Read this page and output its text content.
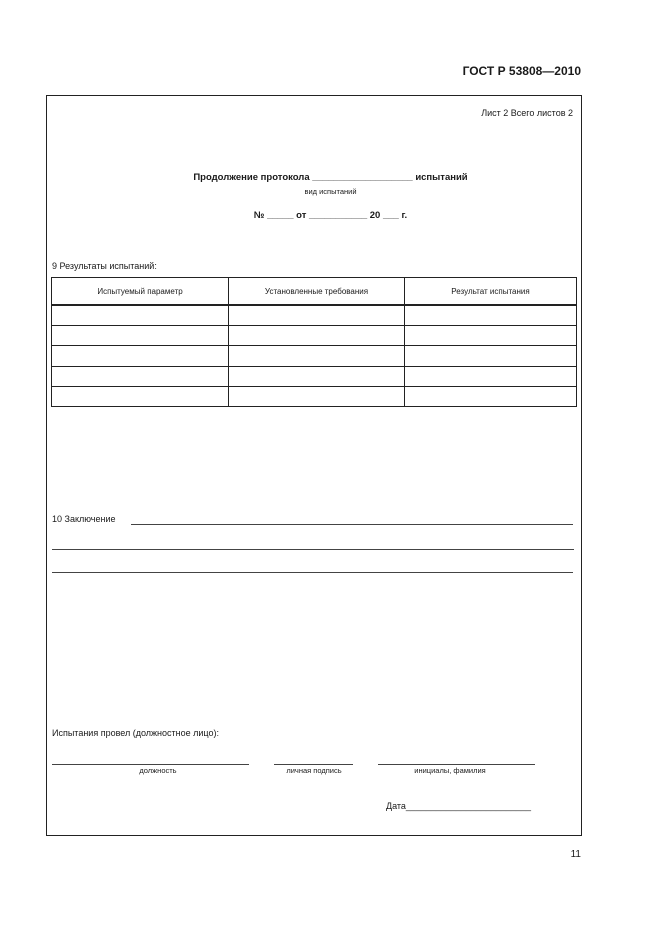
ГОСТ Р 53808—2010
Лист 2 Всего листов 2
Продолжение протокола ___________________ испытаний
вид испытаний
№ _____ от ___________ 20 ___ г.
9 Результаты испытаний:
Испытуемый параметр	Установленные требования	Результат испытания

10 Заключение
Испытания провел (должностное лицо):
должность	личная подпись	инициалы, фамилия
Дата_________________________
11
